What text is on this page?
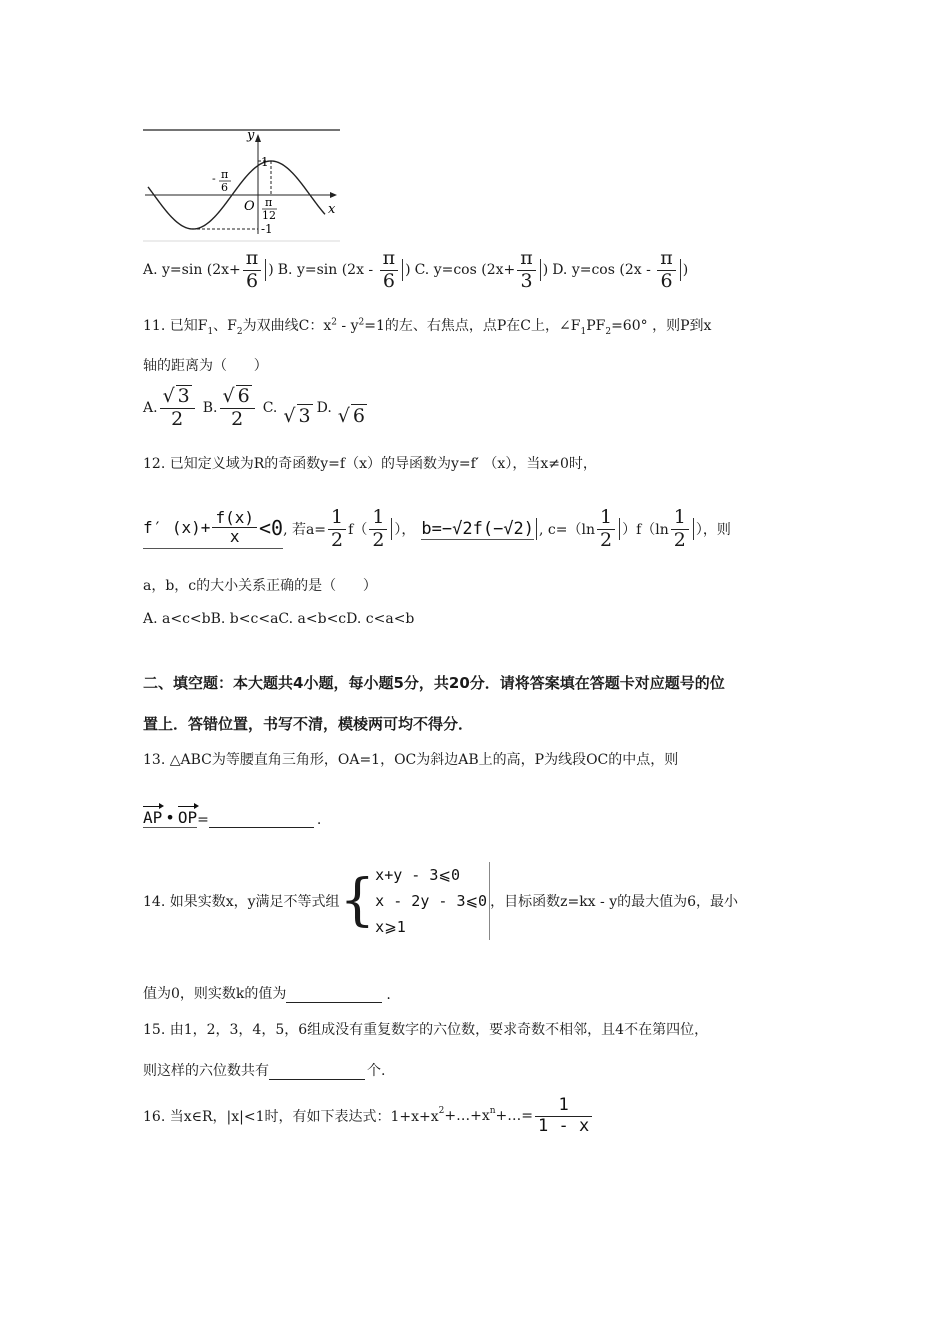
y
x
O
1
-1
- π
6
π
12
A. y=sin ($2x+ \frac{\pi}{6}$ ) B. y=sin ($2x - \frac{\pi}{6}$ ) C. y=cos ($2x+ \frac{\pi}{3}$ ) D. y=cos ($2x - \frac{\pi}{6}$ )
11. 已知$F_1$、$F_2$为双曲线C：$x^2 - y^2=1$的左、右焦点，点P在C上，$\angle F_1PF_2=60^\circ$ ，则P到x
轴的距离为（      ）
A. $\frac{√ 3}{2} B$. $\frac{√ 6}{2} C$. √ 3 D. √ 6
12. 已知定义域为R的奇函数y=f（x）的导函数为y=f′ （x），当x≠0时，
f′ $(x)+ \frac{f(x)}{x} <0$ , 若$a= \frac{1}{2} f( \frac{1}{2}$ ）， b=−√2f(−√2) , $c=(\ln \frac{1}{2} )f(\ln \frac{1}{2}$ ），则
a，b，c的大小关系正确的是（      ）
A. a<c<bB. b<c<aC. a<b<cD. c<a<b
二、填空题：本大题共4小题，每小题5分，共20分．请将答案填在答题卡对应题号的位
置上．答错位置，书写不清，模棱两可均不得分．
13. △ABC为等腰直角三角形，OA=1，OC为斜边AB上的高，P为线段OC的中点，则
AP • OP =	.
14. 如果实数x，y满足不等式组 { x+y - 3⩽0
x - 2y - 3⩽0
x⩾1
，目标函数z=kx - y的最大值为6，最小
值为0，则实数k的值为	.
15. 由1，2，3，4，5，6组成没有重复数字的六位数，要求奇数不相邻，且4不在第四位，
则这样的六位数共有	个.
16. 当x∈R，|x|<1时，有如下表达式：$1+x+x^2$ $+\dots+x^n$ +…= $\frac{1}{1 - x}$
